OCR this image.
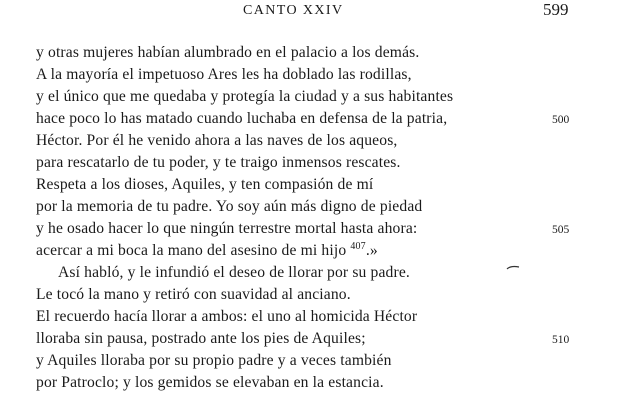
CANTO XXIV	599
y otras mujeres habían alumbrado en el palacio a los demás.
A la mayoría el impetuoso Ares les ha doblado las rodillas,
y el único que me quedaba y protegía la ciudad y a sus habitantes
hace poco lo has matado cuando luchaba en defensa de la patria,	500
Héctor. Por él he venido ahora a las naves de los aqueos,
para rescatarlo de tu poder, y te traigo inmensos rescates.
Respeta a los dioses, Aquiles, y ten compasión de mí
por la memoria de tu padre. Yo soy aún más digno de piedad
y he osado hacer lo que ningún terrestre mortal hasta ahora:	505
acercar a mi boca la mano del asesino de mi hijo $^{407}$.»
Así habló, y le infundió el deseo de llorar por su padre.
Le tocó la mano y retiró con suavidad al anciano.
El recuerdo hacía llorar a ambos: el uno al homicida Héctor
lloraba sin pausa, postrado ante los pies de Aquiles;	510
y Aquiles lloraba por su propio padre y a veces también
por Patroclo; y los gemidos se elevaban en la estancia.
